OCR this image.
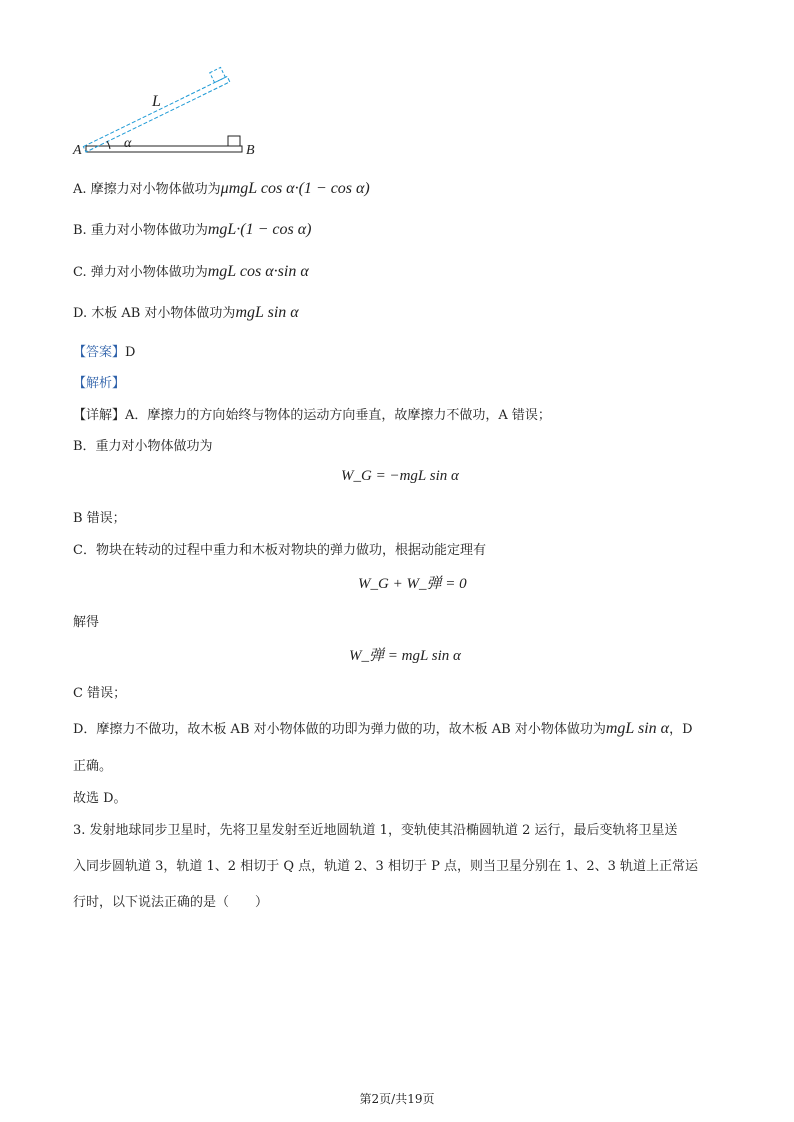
L
α
A	B
A. 摩擦力对小物体做功为μmgL cos α·(1 − cos α)
B. 重力对小物体做功为mgL·(1 − cos α)
C. 弹力对小物体做功为mgL cos α·sin α
D. 木板 AB 对小物体做功为mgL sin α
【答案】D
【解析】
【详解】A．摩擦力的方向始终与物体的运动方向垂直，故摩擦力不做功，A 错误；
B．重力对小物体做功为
W_G = −mgL sin α
B 错误；
C．物块在转动的过程中重力和木板对物块的弹力做功，根据动能定理有
W_G + W_弹 = 0
解得
W_弹 = mgL sin α
C 错误；
D．摩擦力不做功，故木板 AB 对小物体做的功即为弹力做的功，故木板 AB 对小物体做功为mgL sin α，D
正确。
故选 D。
3. 发射地球同步卫星时，先将卫星发射至近地圆轨道 1，变轨使其沿椭圆轨道 2 运行，最后变轨将卫星送
入同步圆轨道 3，轨道 1、2 相切于 Q 点，轨道 2、3 相切于 P 点，则当卫星分别在 1、2、3 轨道上正常运
行时，以下说法正确的是（　　）
第2页/共19页
